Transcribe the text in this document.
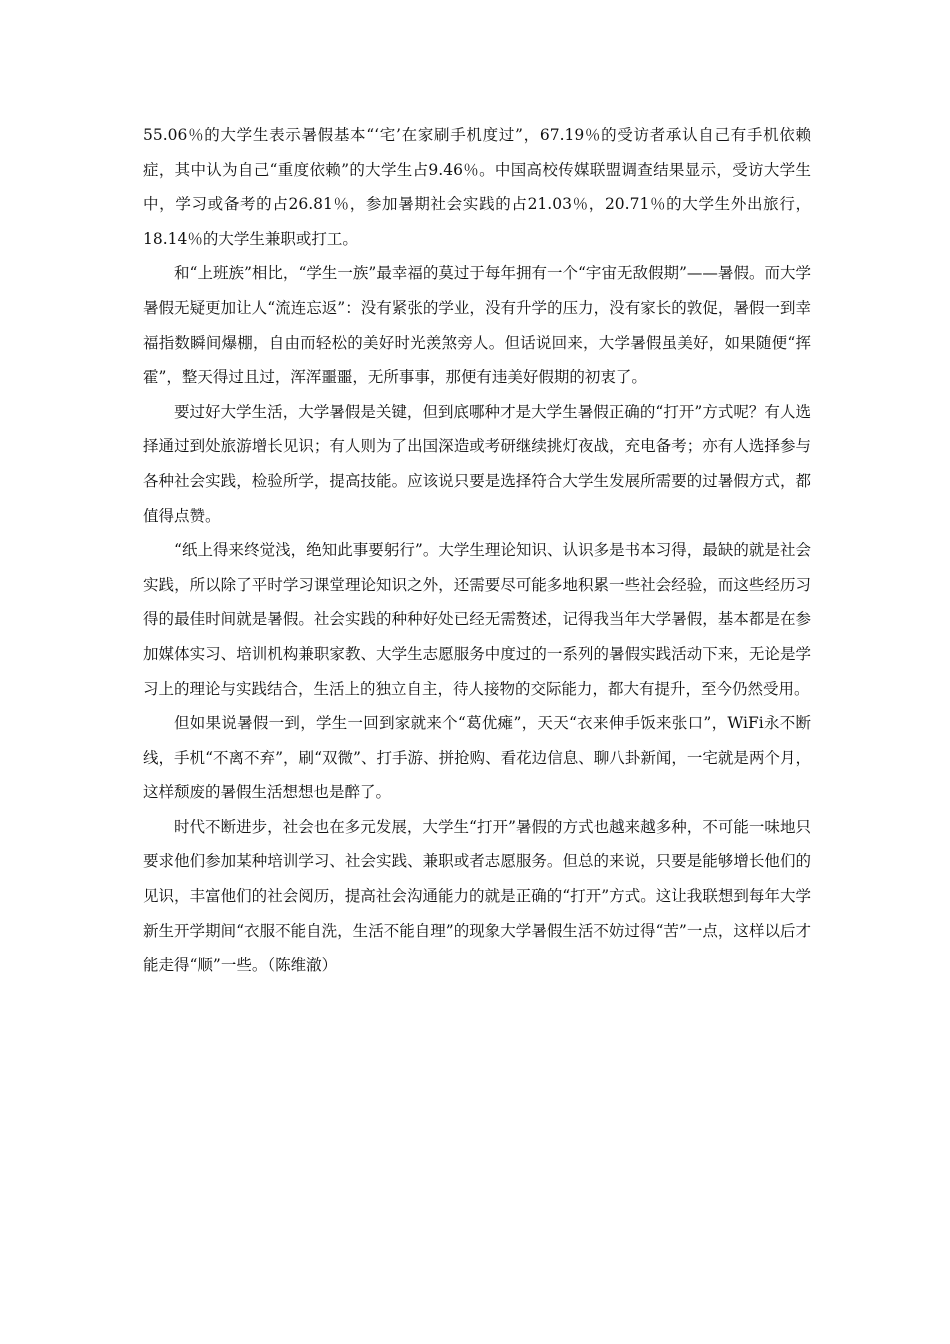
55.06％的大学生表示暑假基本“‘宅’在家刷手机度过”，67.19％的受访者承认自己有手机依赖症，其中认为自己“重度依赖”的大学生占9.46％。中国高校传媒联盟调查结果显示，受访大学生中，学习或备考的占26.81％，参加暑期社会实践的占21.03％，20.71％的大学生外出旅行，18.14％的大学生兼职或打工。

和“上班族”相比，“学生一族”最幸福的莫过于每年拥有一个“宇宙无敌假期”——暑假。而大学暑假无疑更加让人“流连忘返”：没有紧张的学业，没有升学的压力，没有家长的敦促，暑假一到幸福指数瞬间爆棚，自由而轻松的美好时光羡煞旁人。但话说回来，大学暑假虽美好，如果随便“挥霍”，整天得过且过，浑浑噩噩，无所事事，那便有违美好假期的初衷了。

要过好大学生活，大学暑假是关键，但到底哪种才是大学生暑假正确的“打开”方式呢？有人选择通过到处旅游增长见识；有人则为了出国深造或考研继续挑灯夜战，充电备考；亦有人选择参与各种社会实践，检验所学，提高技能。应该说只要是选择符合大学生发展所需要的过暑假方式，都值得点赞。

“纸上得来终觉浅，绝知此事要躬行”。大学生理论知识、认识多是书本习得，最缺的就是社会实践，所以除了平时学习课堂理论知识之外，还需要尽可能多地积累一些社会经验，而这些经历习得的最佳时间就是暑假。社会实践的种种好处已经无需赘述，记得我当年大学暑假，基本都是在参加媒体实习、培训机构兼职家教、大学生志愿服务中度过的一系列的暑假实践活动下来，无论是学习上的理论与实践结合，生活上的独立自主，待人接物的交际能力，都大有提升，至今仍然受用。

但如果说暑假一到，学生一回到家就来个“葛优瘫”，天天“衣来伸手饭来张口”，WiFi永不断线，手机“不离不弃”，刷“双微”、打手游、拼抢购、看花边信息、聊八卦新闻，一宅就是两个月，这样颓废的暑假生活想想也是醉了。

时代不断进步，社会也在多元发展，大学生“打开”暑假的方式也越来越多种，不可能一味地只要求他们参加某种培训学习、社会实践、兼职或者志愿服务。但总的来说，只要是能够增长他们的见识，丰富他们的社会阅历，提高社会沟通能力的就是正确的“打开”方式。这让我联想到每年大学新生开学期间“衣服不能自洗，生活不能自理”的现象大学暑假生活不妨过得“苦”一点，这样以后才能走得“顺”一些。（陈维澈）
